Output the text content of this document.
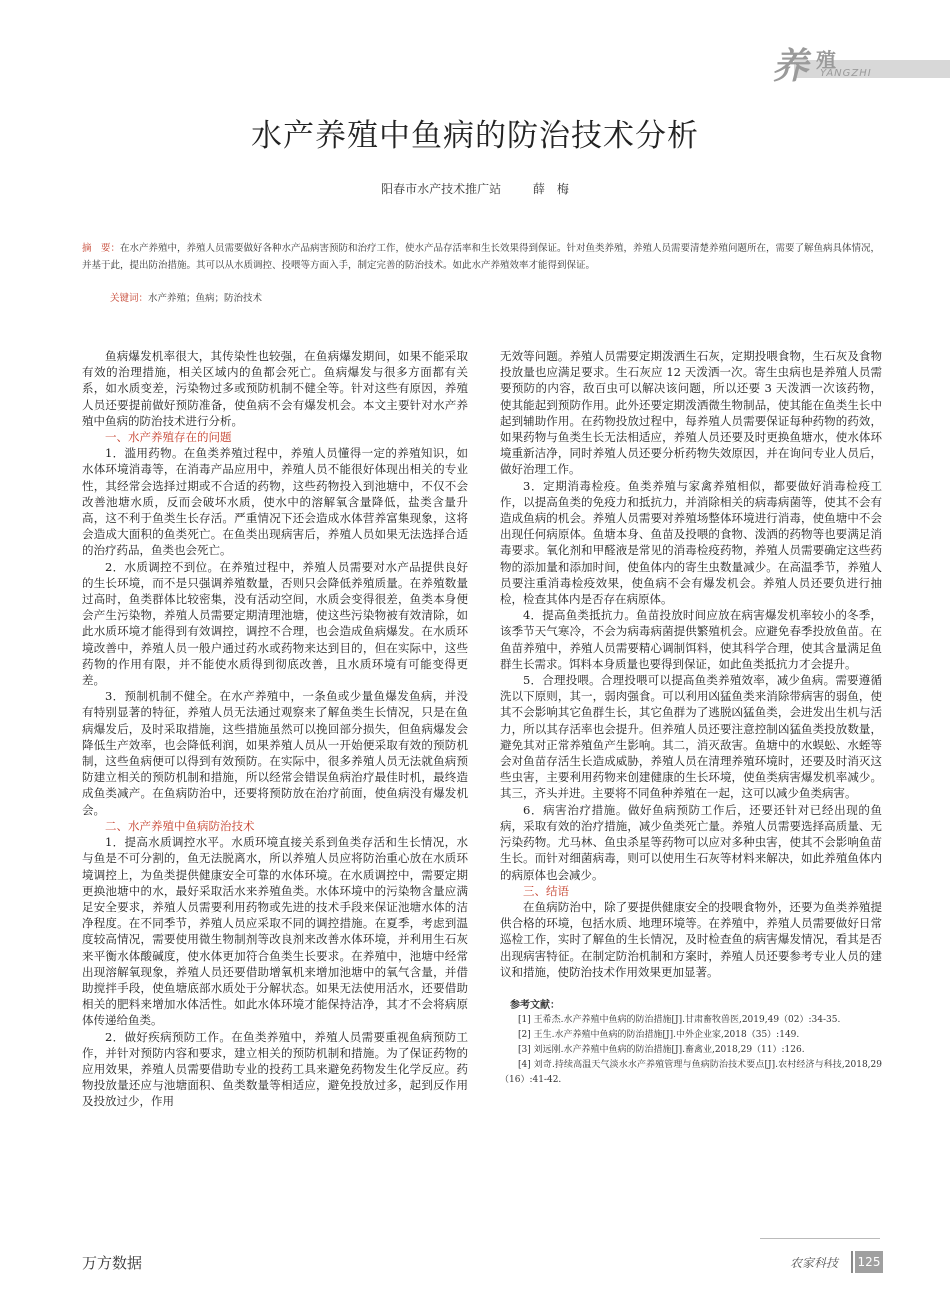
养 殖
YANGZHI
水产养殖中鱼病的防治技术分析
阳春市水产技术推广站	薛　梅
摘　要：在水产养殖中，养殖人员需要做好各种水产品病害预防和治疗工作，使水产品存活率和生长效果得到保证。针对鱼类养殖，养殖人员需要清楚养殖问题所在，需要了解鱼病具体情况，并基于此，提出防治措施。其可以从水质调控、投喂等方面入手，制定完善的防治技术。如此水产养殖效率才能得到保证。
关键词：水产养殖；鱼病；防治技术

鱼病爆发机率很大，其传染性也较强，在鱼病爆发期间，如果不能采取有效的治理措施，相关区域内的鱼都会死亡。鱼病爆发与很多方面都有关系，如水质变差，污染物过多或预防机制不健全等。针对这些有原因，养殖人员还要提前做好预防准备，使鱼病不会有爆发机会。本文主要针对水产养殖中鱼病的防治技术进行分析。

一、水产养殖存在的问题

1．滥用药物。在鱼类养殖过程中，养殖人员懂得一定的养殖知识，如水体环境消毒等，在消毒产品应用中，养殖人员不能很好体现出相关的专业性，其经常会选择过期或不合适的药物，这些药物投入到池塘中，不仅不会改善池塘水质，反而会破坏水质，使水中的溶解氧含量降低，盐类含量升高，这不利于鱼类生长存活。严重情况下还会造成水体营养富集现象，这将会造成大面积的鱼类死亡。在鱼类出现病害后，养殖人员如果无法选择合适的治疗药品，鱼类也会死亡。

2．水质调控不到位。在养殖过程中，养殖人员需要对水产品提供良好的生长环境，而不是只强调养殖数量，否则只会降低养殖质量。在养殖数量过高时，鱼类群体比较密集，没有活动空间，水质会变得很差，鱼类本身便会产生污染物，养殖人员需要定期清理池塘，使这些污染物被有效清除，如此水质环境才能得到有效调控，调控不合理，也会造成鱼病爆发。在水质环境改善中，养殖人员一般户通过药水或药物来达到目的，但在实际中，这些药物的作用有限，并不能使水质得到彻底改善，且水质环境有可能变得更差。

3．预制机制不健全。在水产养殖中，一条鱼或少量鱼爆发鱼病，并没有特别显著的特征，养殖人员无法通过观察来了解鱼类生长情况，只是在鱼病爆发后，及时采取措施，这些措施虽然可以挽回部分损失，但鱼病爆发会降低生产效率，也会降低利润，如果养殖人员从一开始便采取有效的预防机制，这些鱼病便可以得到有效预防。在实际中，很多养殖人员无法就鱼病预防建立相关的预防机制和措施，所以经常会错误鱼病治疗最佳时机，最终造成鱼类减产。在鱼病防治中，还要将预防放在治疗前面，使鱼病没有爆发机会。

二、水产养殖中鱼病防治技术

1．提高水质调控水平。水质环境直接关系到鱼类存活和生长情况，水与鱼是不可分割的，鱼无法脱离水，所以养殖人员应将防治重心放在水质环境调控上，为鱼类提供健康安全可靠的水体环境。在水质调控中，需要定期更换池塘中的水，最好采取活水来养殖鱼类。水体环境中的污染物含量应满足安全要求，养殖人员需要利用药物或先进的技术手段来保证池塘水体的洁净程度。在不同季节，养殖人员应采取不同的调控措施。在夏季，考虑到温度较高情况，需要使用微生物制剂等改良剂来改善水体环境，并利用生石灰来平衡水体酸碱度，使水体更加符合鱼类生长要求。在养殖中，池塘中经常出现溶解氧现象，养殖人员还要借助增氧机来增加池塘中的氧气含量，并借助搅拌手段，使鱼塘底部水质处于分解状态。如果无法使用活水，还要借助相关的肥料来增加水体活性。如此水体环境才能保持洁净，其才不会将病原体传递给鱼类。

2．做好疾病预防工作。在鱼类养殖中，养殖人员需要重视鱼病预防工作，并针对预防内容和要求，建立相关的预防机制和措施。为了保证药物的应用效果，养殖人员需要借助专业的投药工具来避免药物发生化学反应。药物投放量还应与池塘面积、鱼类数量等相适应，避免投放过多，起到反作用及投放过少，作用

无效等问题。养殖人员需要定期泼洒生石灰，定期投喂食物，生石灰及食物投放量也应满足要求。生石灰应 12 天泼洒一次。寄生虫病也是养殖人员需要预防的内容，敌百虫可以解决该问题，所以还要 3 天泼洒一次该药物，使其能起到预防作用。此外还要定期泼洒微生物制品，使其能在鱼类生长中起到辅助作用。在药物投放过程中，每养殖人员需要保证每种药物的药效，如果药物与鱼类生长无法相适应，养殖人员还要及时更换鱼塘水，使水体环境重新洁净，同时养殖人员还要分析药物失效原因，并在询问专业人员后，做好治理工作。

3．定期消毒检疫。鱼类养殖与家禽养殖相似，都要做好消毒检疫工作，以提高鱼类的免疫力和抵抗力，并消除相关的病毒病菌等，使其不会有造成鱼病的机会。养殖人员需要对养殖场整体环境进行消毒，使鱼塘中不会出现任何病原体。鱼塘本身、鱼苗及投喂的食物、泼洒的药物等也要满足消毒要求。氧化剂和甲醛液是常见的消毒检疫药物，养殖人员需要确定这些药物的添加量和添加时间，使鱼体内的寄生虫数量减少。在高温季节，养殖人员要注重消毒检疫效果，使鱼病不会有爆发机会。养殖人员还要负进行抽检，检查其体内是否存在病原体。

4．提高鱼类抵抗力。鱼苗投放时间应放在病害爆发机率较小的冬季，该季节天气寒冷，不会为病毒病菌提供繁殖机会。应避免春季投放鱼苗。在鱼苗养殖中，养殖人员需要精心调制饵料，使其科学合理，使其含量满足鱼群生长需求。饵料本身质量也要得到保证，如此鱼类抵抗力才会提升。

5．合理投喂。合理投喂可以提高鱼类养殖效率，减少鱼病。需要遵循洗以下原则，其一，弱肉强食。可以利用凶猛鱼类来消除带病害的弱鱼，使其不会影响其它鱼群生长，其它鱼群为了逃脱凶猛鱼类，会进发出生机与活力，所以其存活率也会提升。但养殖人员还要注意控制凶猛鱼类投放数量，避免其对正常养殖鱼产生影响。其二，消灭敌害。鱼塘中的水蜈蚣、水蛭等会对鱼苗存活生长造成威胁，养殖人员在清理养殖环境时，还要及时消灭这些虫害，主要利用药物来创建健康的生长环境，使鱼类病害爆发机率减少。其三，齐头并进。主要将不同鱼种养殖在一起，这可以减少鱼类病害。

6．病害治疗措施。做好鱼病预防工作后，还要还针对已经出现的鱼病，采取有效的治疗措施，减少鱼类死亡量。养殖人员需要选择高质量、无污染药物。尤马林、鱼虫杀星等药物可以应对多种虫害，使其不会影响鱼苗生长。而针对细菌病毒，则可以使用生石灰等材料来解决，如此养殖鱼体内的病原体也会减少。

三、结语

在鱼病防治中，除了要提供健康安全的投喂食物外，还要为鱼类养殖提供合格的环境，包括水质、地理环境等。在养殖中，养殖人员需要做好日常巡检工作，实时了解鱼的生长情况，及时检查鱼的病害爆发情况，看其是否出现病害特征。在制定防治机制和方案时，养殖人员还要参考专业人员的建议和措施，使防治技术作用效果更加显著。

参考文献：

[1] 王希杰.水产养殖中鱼病的防治措施[J].甘肃畜牧兽医,2019,49（02）:34-35.

[2] 王生.水产养殖中鱼病的防治措施[J].中外企业家,2018（35）:149.

[3] 刘远刚.水产养殖中鱼病的防治措施[J].畜禽业,2018,29（11）:126.

[4] 刘奇.持续高温天气淡水水产养殖管理与鱼病防治技术要点[J].农村经济与科技,2018,29（16）:41-42.

农家科技 125
万方数据
